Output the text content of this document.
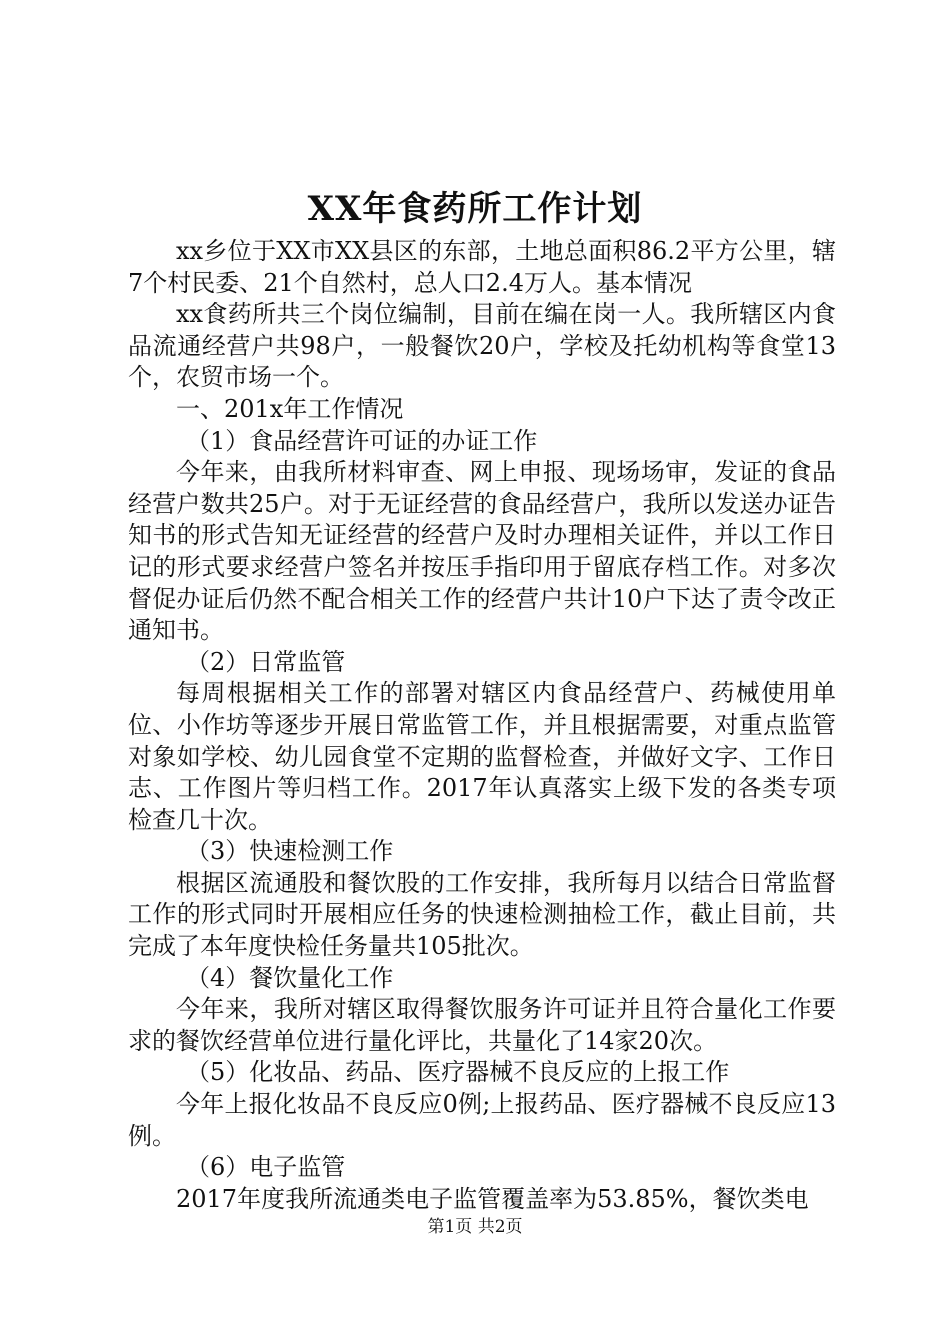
XX年食药所工作计划

xx乡位于XX市XX县区的东部，土地总面积86.2平方公里，辖7个村民委、21个自然村，总人口2.4万人。基本情况

xx食药所共三个岗位编制，目前在编在岗一人。我所辖区内食品流通经营户共98户，一般餐饮20户，学校及托幼机构等食堂13个，农贸市场一个。

一、201x年工作情况

（1）食品经营许可证的办证工作

今年来，由我所材料审查、网上申报、现场场审，发证的食品经营户数共25户。对于无证经营的食品经营户，我所以发送办证告知书的形式告知无证经营的经营户及时办理相关证件，并以工作日记的形式要求经营户签名并按压手指印用于留底存档工作。对多次督促办证后仍然不配合相关工作的经营户共计10户下达了责令改正通知书。

（2）日常监管

每周根据相关工作的部署对辖区内食品经营户、药械使用单位、小作坊等逐步开展日常监管工作，并且根据需要，对重点监管对象如学校、幼儿园食堂不定期的监督检查，并做好文字、工作日志、工作图片等归档工作。2017年认真落实上级下发的各类专项检查几十次。

（3）快速检测工作

根据区流通股和餐饮股的工作安排，我所每月以结合日常监督工作的形式同时开展相应任务的快速检测抽检工作，截止目前，共完成了本年度快检任务量共105批次。

（4）餐饮量化工作

今年来，我所对辖区取得餐饮服务许可证并且符合量化工作要求的餐饮经营单位进行量化评比，共量化了14家20次。

（5）化妆品、药品、医疗器械不良反应的上报工作

今年上报化妆品不良反应0例;上报药品、医疗器械不良反应13例。

（6）电子监管

2017年度我所流通类电子监管覆盖率为53.85%，餐饮类电

第1页 共2页
